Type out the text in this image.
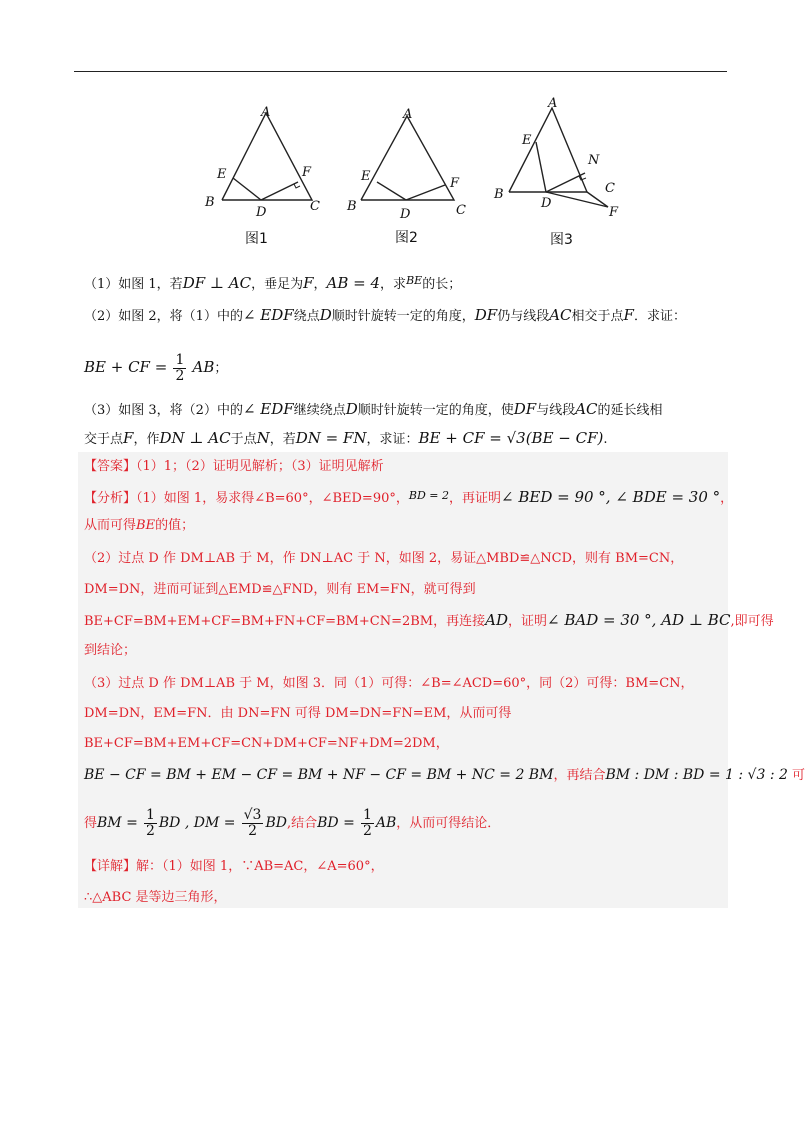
A
B	C
D
E	F
图1
A
B	C
D
E	F
图2
A
B	C
D
E
F
N
图3
（1）如图 1，若DF ⊥ AC，垂足为F，AB = 4，求$^{BE}$的长；
（2）如图 2，将（1）中的∠ EDF绕点D顺时针旋转一定的角度，DF仍与线段AC相交于点F．求证：
BE + CF = $\frac{1}{2}$ AB；
（3）如图 3，将（2）中的∠ EDF继续绕点D顺时针旋转一定的角度，使DF与线段AC的延长线相
交于点F，作DN ⊥ AC于点N，若DN = FN，求证：BE + CF = √3(BE − CF).
【答案】（1）1；（2）证明见解析；（3）证明见解析
【分析】（1）如图 1，易求得∠B=60°，∠BED=90°，$^{BD = 2}$，再证明∠ BED = 90 °, ∠ BDE = 30 °，
从而可得BE的值；
（2）过点 D 作 DM⊥AB 于 M，作 DN⊥AC 于 N，如图 2，易证△MBD≌△NCD，则有 BM=CN，
DM=DN，进而可证到△EMD≌△FND，则有 EM=FN，就可得到
BE+CF=BM+EM+CF=BM+FN+CF=BM+CN=2BM，再连接AD，证明∠ BAD = 30 °, AD ⊥ BC,即可得
到结论；
（3）过点 D 作 DM⊥AB 于 M，如图 3．同（1）可得：∠B=∠ACD=60°，同（2）可得：BM=CN，
DM=DN，EM=FN．由 DN=FN 可得 DM=DN=FN=EM，从而可得
BE+CF=BM+EM+CF=CN+DM+CF=NF+DM=2DM，
BE − CF = BM + EM − CF = BM + NF − CF = BM + NC = 2 BM，再结合BM : DM : BD = 1 : √3 : 2 可
得BM = $\frac{1}{2}$ BD , DM = $\frac{√3}{2}$ BD,结合BD = $\frac{1}{2}$ AB，从而可得结论．
【详解】解：（1）如图 1，∵AB=AC，∠A=60°，
∴△ABC 是等边三角形，
